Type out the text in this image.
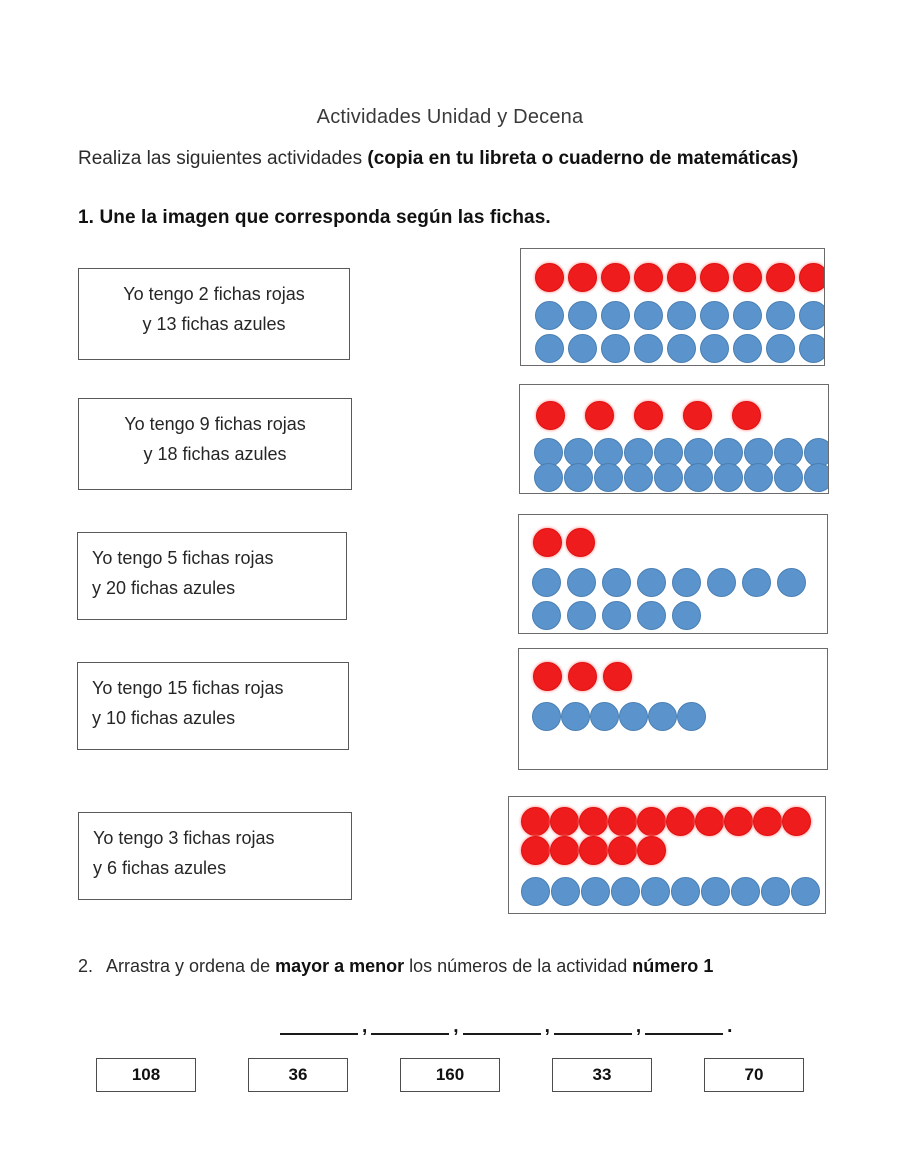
Actividades Unidad y Decena
Realiza las siguientes actividades (copia en tu libreta o cuaderno de matemáticas)
1. Une la imagen que corresponda según las fichas.
Yo tengo 2 fichas rojas
y 13 fichas azules
Yo tengo 9 fichas rojas
y 18 fichas azules
Yo tengo 5 fichas rojas
y 20 fichas azules
Yo tengo 15 fichas rojas
y 10 fichas azules
Yo tengo 3 fichas rojas
y 6 fichas azules
2. Arrastra y ordena de mayor a menor los números de la actividad número 1
,	,	,	,	.
108	36	160	33	70
